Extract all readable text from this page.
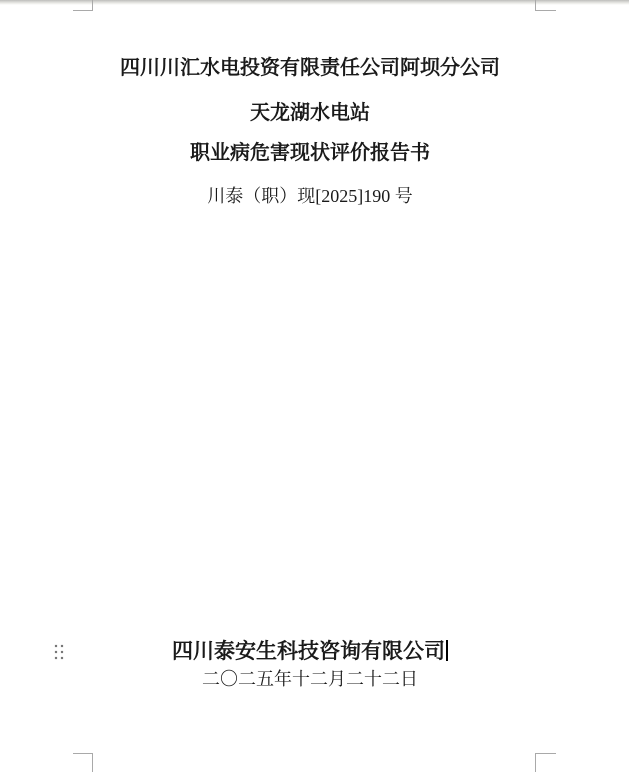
四川川汇水电投资有限责任公司阿坝分公司
天龙湖水电站
职业病危害现状评价报告书
川泰（职）现[2025]190 号
四川泰安生科技咨询有限公司
二〇二五年十二月二十二日
